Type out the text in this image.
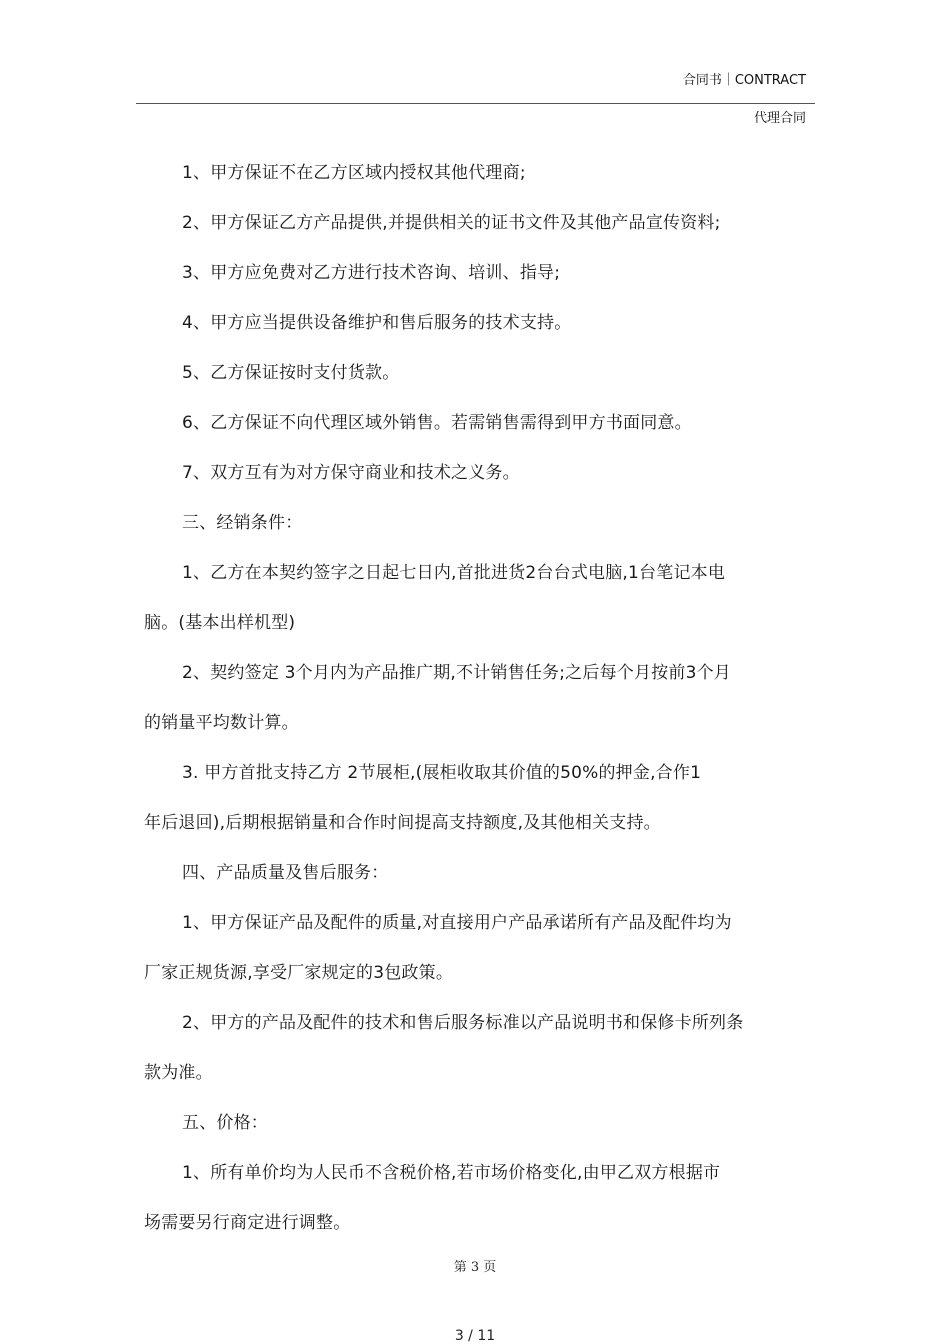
合同书｜CONTRACT
代理合同

1、甲方保证不在乙方区域内授权其他代理商;

2、甲方保证乙方产品提供,并提供相关的证书文件及其他产品宣传资料;

3、甲方应免费对乙方进行技术咨询、培训、指导;

4、甲方应当提供设备维护和售后服务的技术支持。

5、乙方保证按时支付货款。

6、乙方保证不向代理区域外销售。若需销售需得到甲方书面同意。

7、双方互有为对方保守商业和技术之义务。

三、经销条件：

1、乙方在本契约签字之日起七日内,首批进货2台台式电脑,1台笔记本电

脑。(基本出样机型)

2、契约签定 3个月内为产品推广期,不计销售任务;之后每个月按前3个月

的销量平均数计算。

3. 甲方首批支持乙方 2节展柜,(展柜收取其价值的50%的押金,合作1

年后退回),后期根据销量和合作时间提高支持额度,及其他相关支持。

四、产品质量及售后服务：

1、甲方保证产品及配件的质量,对直接用户产品承诺所有产品及配件均为

厂家正规货源,享受厂家规定的3包政策。

2、甲方的产品及配件的技术和售后服务标准以产品说明书和保修卡所列条

款为准。

五、价格：

1、所有单价均为人民币不含税价格,若市场价格变化,由甲乙双方根据市

场需要另行商定进行调整。

第 3 页
3 / 11
